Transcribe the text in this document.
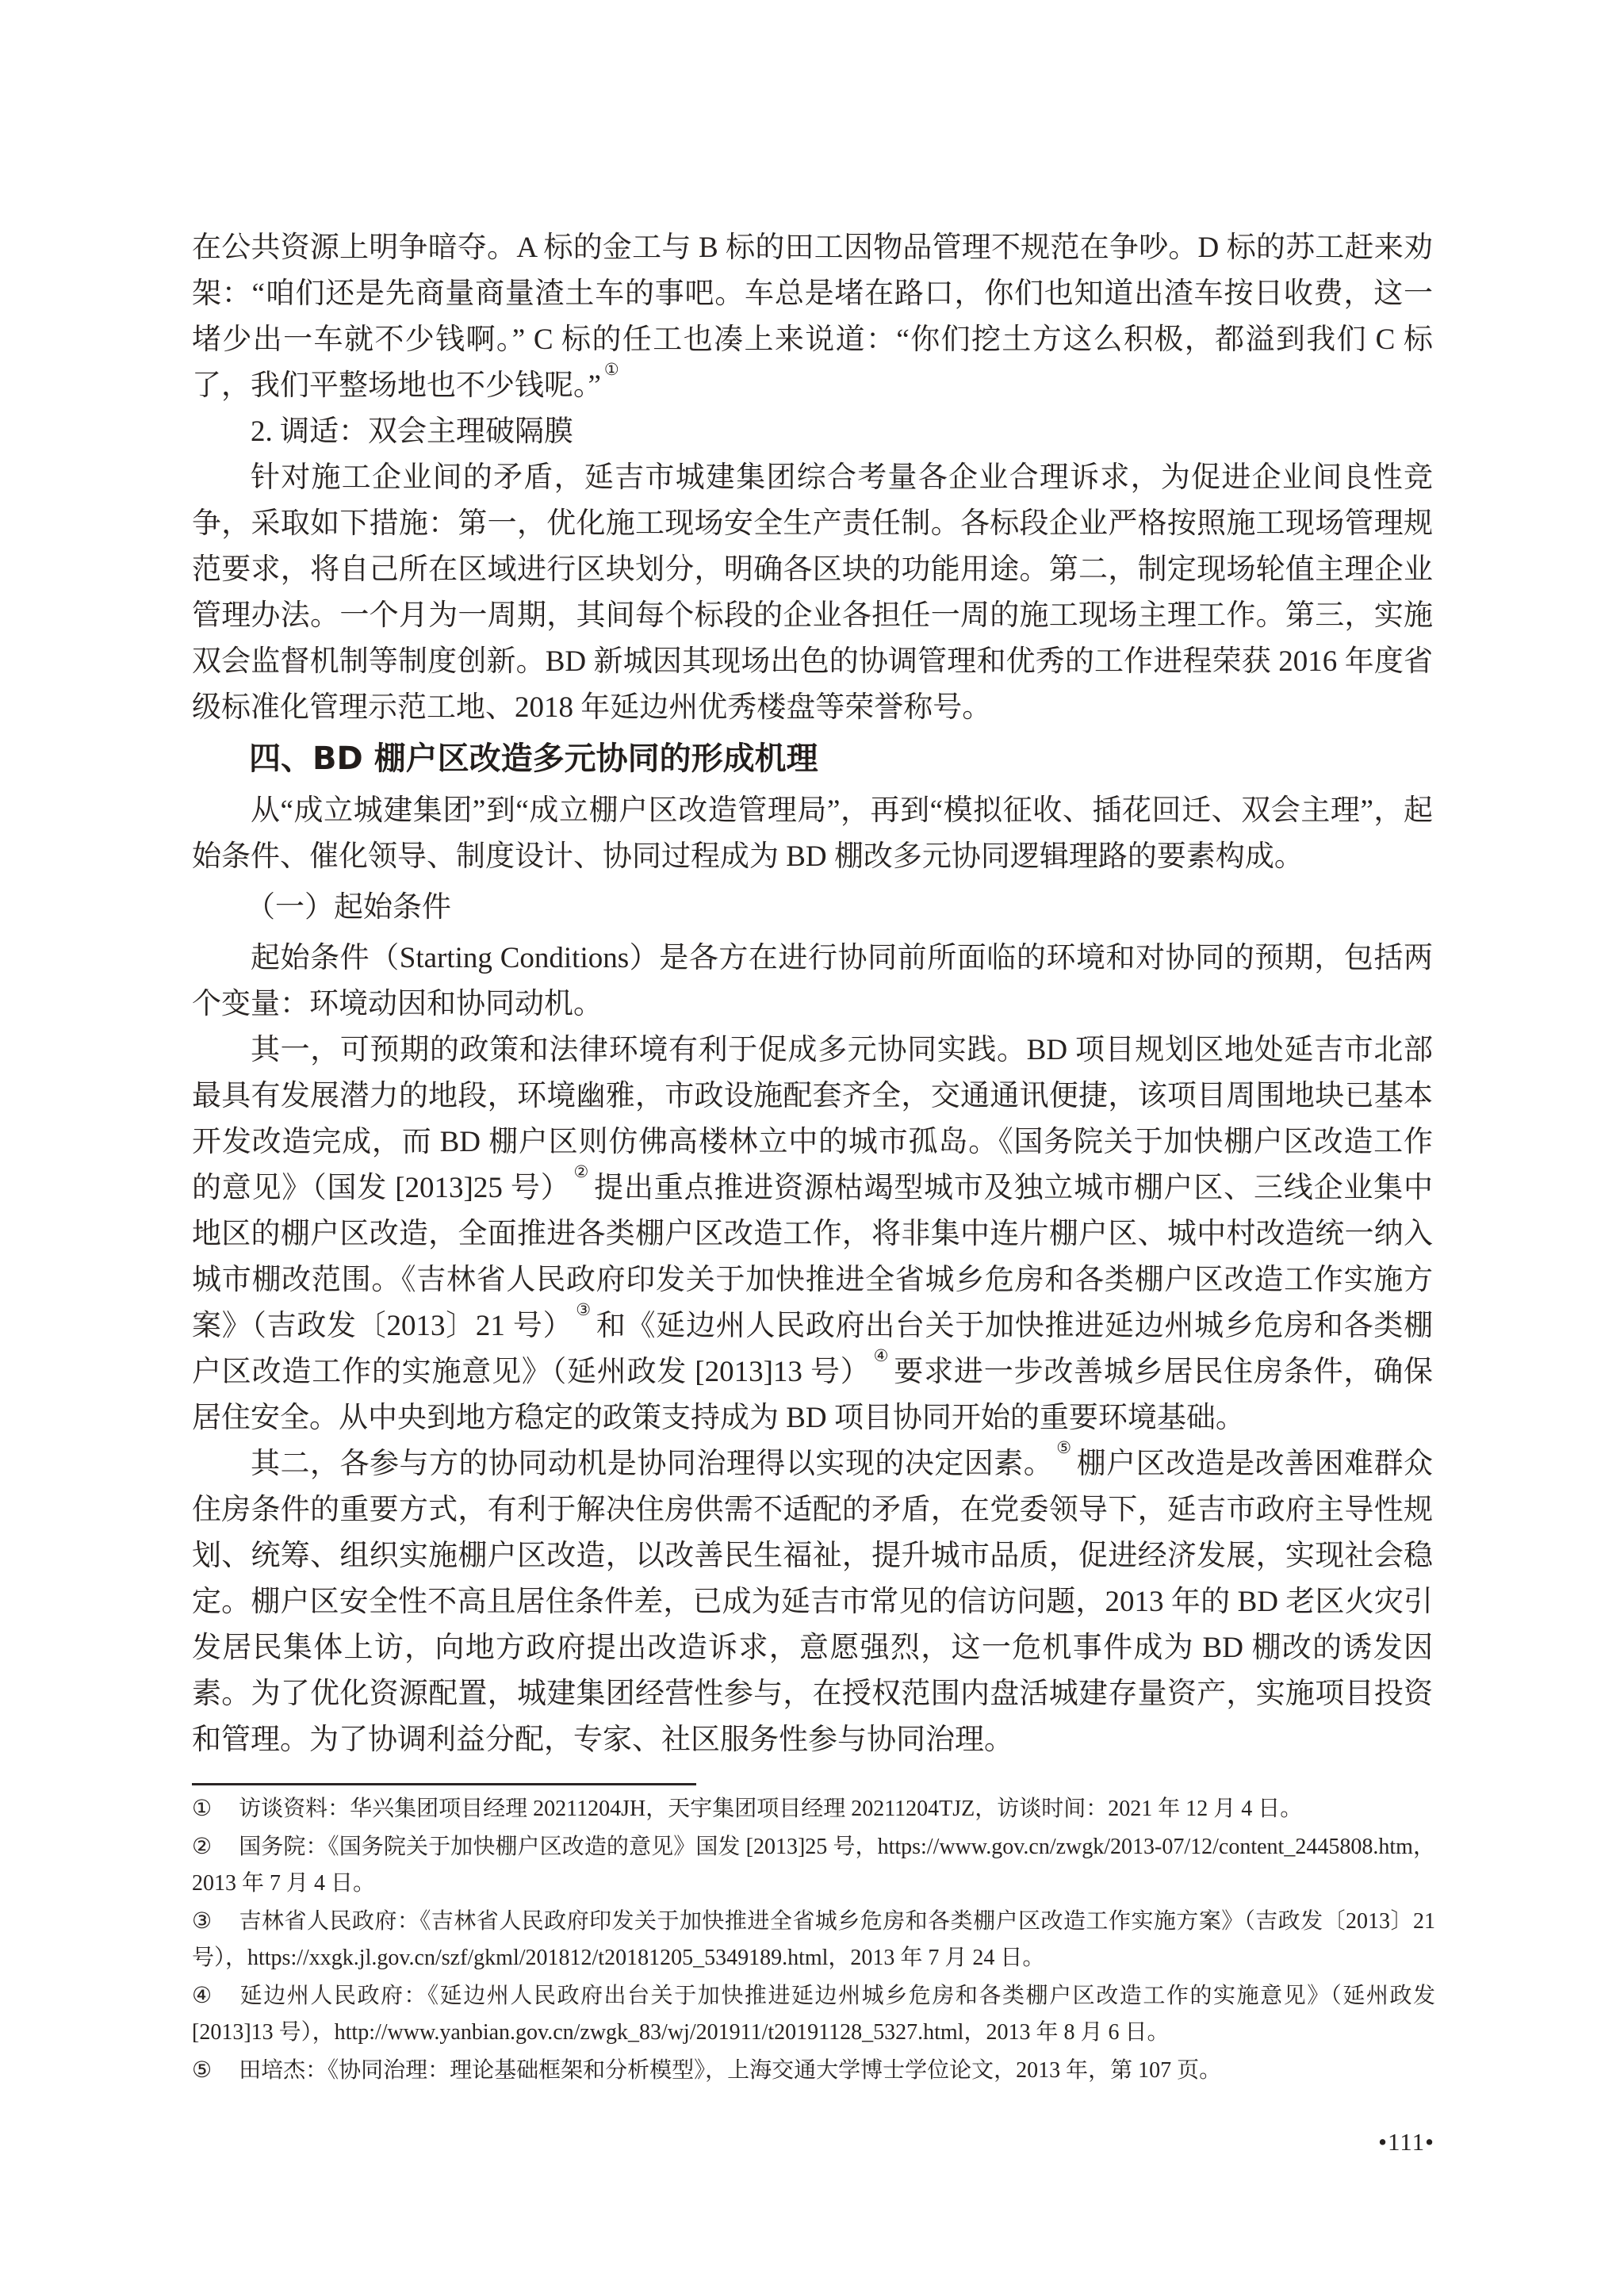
在公共资源上明争暗夺。A 标的金工与 B 标的田工因物品管理不规范在争吵。D 标的苏工赶来劝架：“咱们还是先商量商量渣土车的事吧。车总是堵在路口，你们也知道出渣车按日收费，这一堵少出一车就不少钱啊。” C 标的任工也凑上来说道：“你们挖土方这么积极，都溢到我们 C 标了，我们平整场地也不少钱呢。” ①

2. 调适：双会主理破隔膜

针对施工企业间的矛盾，延吉市城建集团综合考量各企业合理诉求，为促进企业间良性竞争，采取如下措施：第一，优化施工现场安全生产责任制。各标段企业严格按照施工现场管理规范要求，将自己所在区域进行区块划分，明确各区块的功能用途。第二，制定现场轮值主理企业管理办法。一个月为一周期，其间每个标段的企业各担任一周的施工现场主理工作。第三，实施双会监督机制等制度创新。BD 新城因其现场出色的协调管理和优秀的工作进程荣获 2016 年度省级标准化管理示范工地、2018 年延边州优秀楼盘等荣誉称号。

四、BD 棚户区改造多元协同的形成机理

从“成立城建集团”到“成立棚户区改造管理局”，再到“模拟征收、插花回迁、双会主理”，起始条件、催化领导、制度设计、协同过程成为 BD 棚改多元协同逻辑理路的要素构成。

（一）起始条件

起始条件（Starting Conditions）是各方在进行协同前所面临的环境和对协同的预期，包括两个变量：环境动因和协同动机。

其一，可预期的政策和法律环境有利于促成多元协同实践。BD 项目规划区地处延吉市北部最具有发展潜力的地段，环境幽雅，市政设施配套齐全，交通通讯便捷，该项目周围地块已基本开发改造完成，而 BD 棚户区则仿佛高楼林立中的城市孤岛。《国务院关于加快棚户区改造工作的意见》（国发 [2013]25 号） ② 提出重点推进资源枯竭型城市及独立城市棚户区、三线企业集中地区的棚户区改造，全面推进各类棚户区改造工作，将非集中连片棚户区、城中村改造统一纳入城市棚改范围。《吉林省人民政府印发关于加快推进全省城乡危房和各类棚户区改造工作实施方案》（吉政发〔2013〕21 号） ③ 和《延边州人民政府出台关于加快推进延边州城乡危房和各类棚户区改造工作的实施意见》（延州政发 [2013]13 号） ④ 要求进一步改善城乡居民住房条件，确保居住安全。从中央到地方稳定的政策支持成为 BD 项目协同开始的重要环境基础。

其二，各参与方的协同动机是协同治理得以实现的决定因素。 ⑤ 棚户区改造是改善困难群众住房条件的重要方式，有利于解决住房供需不适配的矛盾，在党委领导下，延吉市政府主导性规划、统筹、组织实施棚户区改造，以改善民生福祉，提升城市品质，促进经济发展，实现社会稳定。棚户区安全性不高且居住条件差，已成为延吉市常见的信访问题，2013 年的 BD 老区火灾引发居民集体上访，向地方政府提出改造诉求，意愿强烈，这一危机事件成为 BD 棚改的诱发因素。为了优化资源配置，城建集团经营性参与，在授权范围内盘活城建存量资产，实施项目投资和管理。为了协调利益分配，专家、社区服务性参与协同治理。

① 访谈资料：华兴集团项目经理 20211204JH，天宇集团项目经理 20211204TJZ，访谈时间：2021 年 12 月 4 日。

② 国务院：《国务院关于加快棚户区改造的意见》国发 [2013]25 号，https://www.gov.cn/zwgk/2013-07/12/content_2445808.htm，2013 年 7 月 4 日。

③ 吉林省人民政府：《吉林省人民政府印发关于加快推进全省城乡危房和各类棚户区改造工作实施方案》（吉政发〔2013〕21 号），https://xxgk.jl.gov.cn/szf/gkml/201812/t20181205_5349189.html，2013 年 7 月 24 日。

④ 延边州人民政府：《延边州人民政府出台关于加快推进延边州城乡危房和各类棚户区改造工作的实施意见》（延州政发 [2013]13 号），http://www.yanbian.gov.cn/zwgk_83/wj/201911/t20191128_5327.html，2013 年 8 月 6 日。

⑤ 田培杰：《协同治理：理论基础框架和分析模型》，上海交通大学博士学位论文，2013 年，第 107 页。

•111•
